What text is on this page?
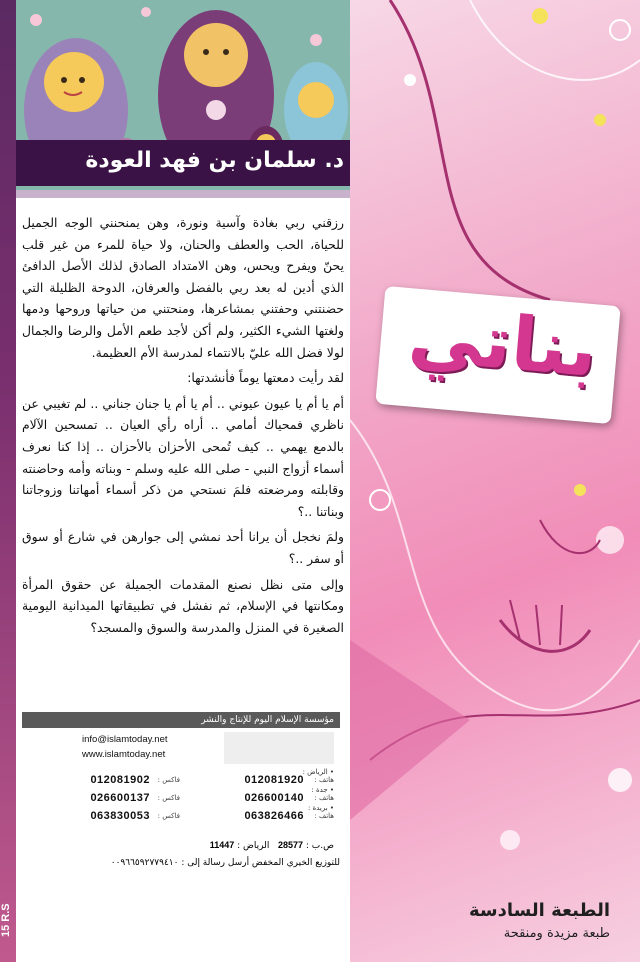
15 R.S
د. سلمان بن فهد العودة

رزقني ربي بغادة وآسية ونورة، وهن يمنحنني الوجه الجميل للحياة، الحب والعطف والحنان، ولا حياة للمرء من غير قلب يحنّ ويفرح ويحس، وهن الامتداد الصادق لذلك الأصل الدافئ الذي أدين له بعد ربي بالفضل والعرفان، الدوحة الظليلة التي حضنتني وحفتني بمشاعرها، ومنحتني من حياتها وروحها ودمها ولغتها الشيء الكثير، ولم أكن لأجد طعم الأمل والرضا والجمال لولا فضل الله عليّ بالانتماء لمدرسة الأم العظيمة.

لقد رأيت دمعتها يوماً فأنشدتها:

أم يا أم يا عيون عيوني .. أم يا أم يا جنان جناني .. لم تغيبي عن ناظري فمحياك أمامي .. أراه رأي العيان .. تمسحين الآلام بالدمع يهمي .. كيف تُمحى الأحزان بالأحزان .. إذا كنا نعرف أسماء أزواج النبي - صلى الله عليه وسلم - وبناته وأمه وحاضنته وقابلته ومرضعته فلمَ نستحي من ذكر أسماء أمهاتنا وزوجاتنا وبناتنا ..؟

ولمَ نخجل أن يرانا أحد نمشي إلى جوارهن في شارع أو سوق أو سفر ..؟

وإلى متى نظل نصنع المقدمات الجميلة عن حقوق المرأة ومكانتها في الإسلام، ثم نفشل في تطبيقاتها الميدانية اليومية الصغيرة في المنزل والمدرسة والسوق والمسجد؟

مؤسسة الإسلام اليوم للإنتاج والنشر
info@islamtoday.net
www.islamtoday.net
• الرياض :
هاتف :
012081920
فاكس :
012081902
• جدة :
هاتف :
026600140
فاكس :
026600137
• بريدة :
هاتف :
063826466
فاكس :
063830053
ص.ب : 28577   الرياض : 11447
للتوزيع الخيري المخفض أرسل رسالة إلى : ٠٠٩٦٦٥٩٢٧٧٩٤١٠
بناتي
الطبعة السادسة
طبعة مزيدة ومنقحة
